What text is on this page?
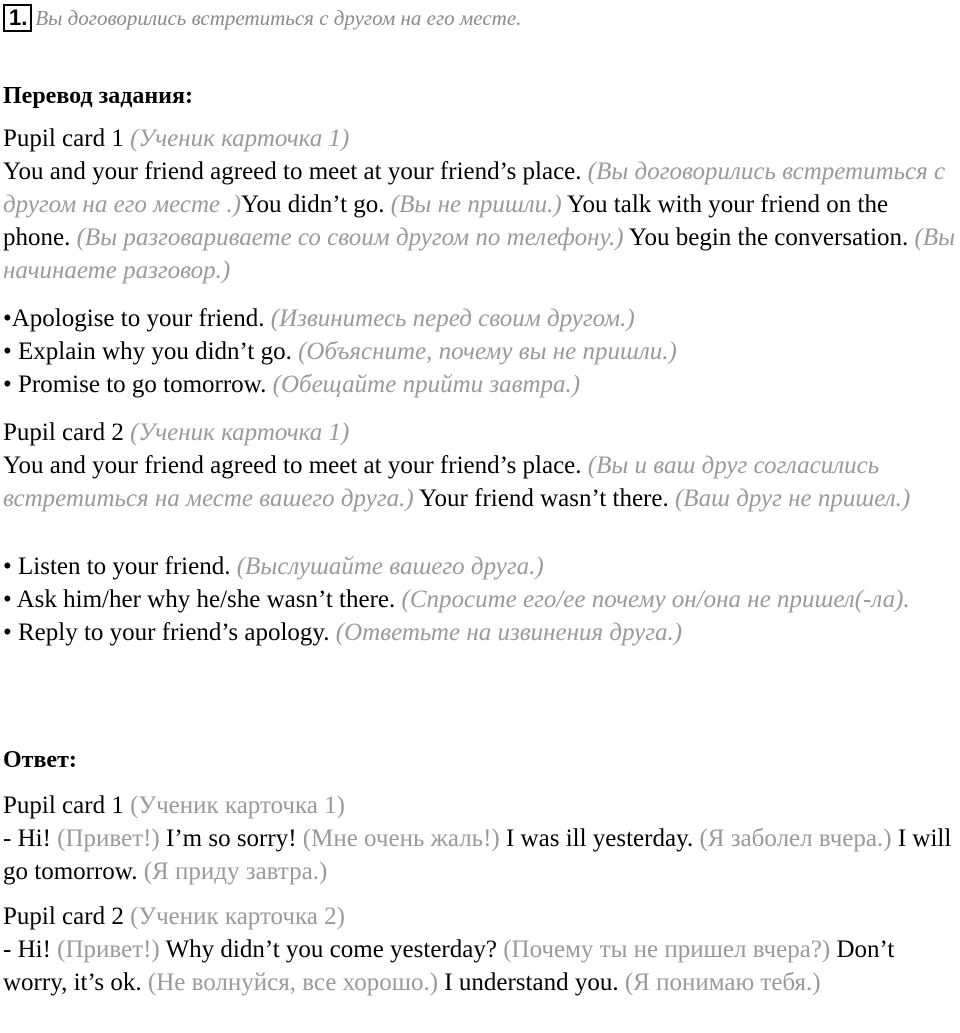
1. Вы договорились встретиться с другом на его месте.
Перевод задания:

Pupil card 1 (Ученик карточка 1)

You and your friend agreed to meet at your friend’s place. (Вы договорились встретиться с другом на его месте .)You didn’t go. (Вы не пришли.) You talk with your friend on the phone. (Вы разговариваете со своим другом по телефону.) You begin the conversation. (Вы начинаете разговор.)

•Apologise to your friend. (Извинитесь перед своим другом.)

• Explain why you didn’t go. (Объясните, почему вы не пришли.)

• Promise to go tomorrow. (Обещайте прийти завтра.)

Pupil card 2 (Ученик карточка 1)

You and your friend agreed to meet at your friend’s place. (Вы и ваш друг согласились встретиться на месте вашего друга.) Your friend wasn’t there. (Ваш друг не пришел.)

• Listen to your friend. (Выслушайте вашего друга.)

• Ask him/her why he/she wasn’t there. (Спросите его/ее почему он/она не пришел(-ла).

• Reply to your friend’s apology. (Ответьте на извинения друга.)

Ответ:

Pupil card 1 (Ученик карточка 1)

- Hi! (Привет!) I’m so sorry! (Мне очень жаль!) I was ill yesterday. (Я заболел вчера.) I will go tomorrow. (Я приду завтра.)

Pupil card 2 (Ученик карточка 2)

- Hi! (Привет!) Why didn’t you come yesterday? (Почему ты не пришел вчера?) Don’t worry, it’s ok. (Не волнуйся, все хорошо.) I understand you. (Я понимаю тебя.)
